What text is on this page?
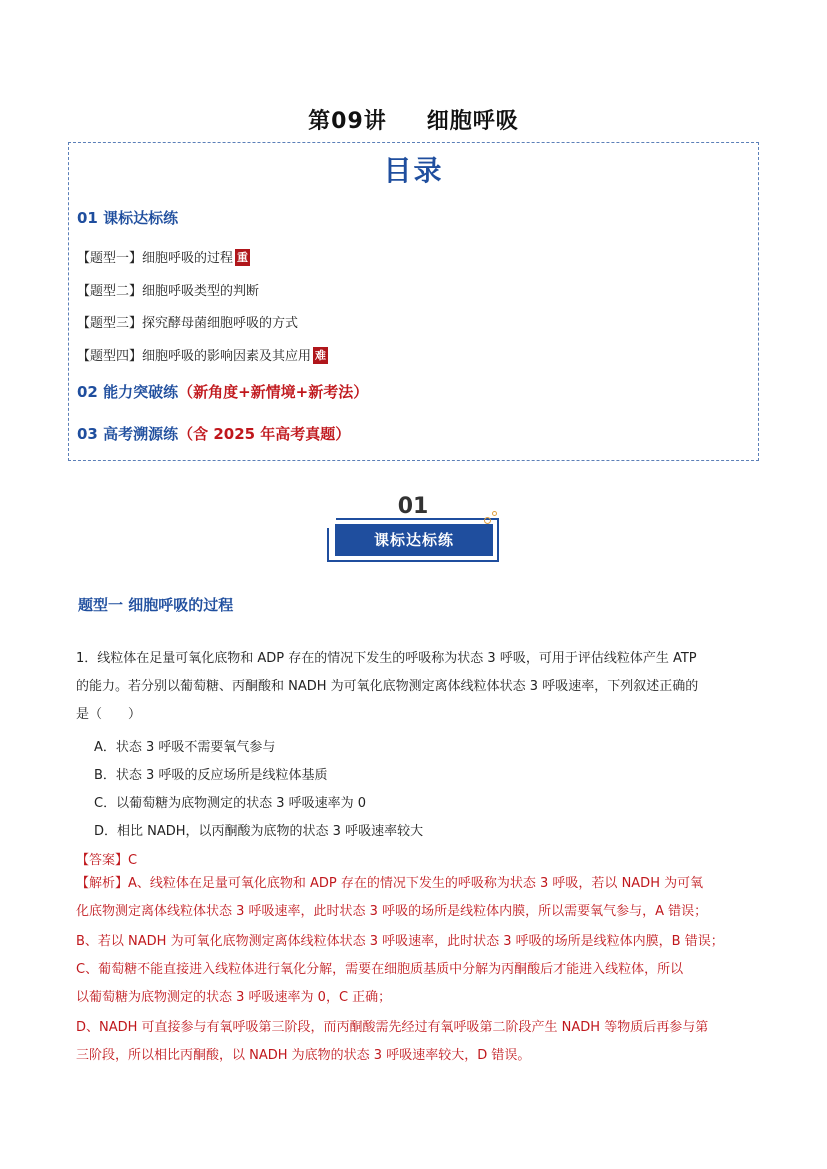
第09讲 细胞呼吸
目录
01 课标达标练
【题型一】细胞呼吸的过程 重
【题型二】细胞呼吸类型的判断
【题型三】探究酵母菌细胞呼吸的方式
【题型四】细胞呼吸的影响因素及其应用 难
02 能力突破练（新角度+新情境+新考法）
03 高考溯源练（含 2025 年高考真题）
01
课标达标练
题型一 细胞呼吸的过程
1．线粒体在足量可氧化底物和 ADP 存在的情况下发生的呼吸称为状态 3 呼吸，可用于评估线粒体产生 ATP
的能力。若分别以葡萄糖、丙酮酸和 NADH 为可氧化底物测定离体线粒体状态 3 呼吸速率，下列叙述正确的
是（　　）
A．状态 3 呼吸不需要氧气参与
B．状态 3 呼吸的反应场所是线粒体基质
C．以葡萄糖为底物测定的状态 3 呼吸速率为 0
D．相比 NADH，以丙酮酸为底物的状态 3 呼吸速率较大
【答案】C
【解析】A、线粒体在足量可氧化底物和 ADP 存在的情况下发生的呼吸称为状态 3 呼吸，若以 NADH 为可氧
化底物测定离体线粒体状态 3 呼吸速率，此时状态 3 呼吸的场所是线粒体内膜，所以需要氧气参与，A 错误；
B、若以 NADH 为可氧化底物测定离体线粒体状态 3 呼吸速率，此时状态 3 呼吸的场所是线粒体内膜，B 错误；
C、葡萄糖不能直接进入线粒体进行氧化分解，需要在细胞质基质中分解为丙酮酸后才能进入线粒体，所以
以葡萄糖为底物测定的状态 3 呼吸速率为 0，C 正确；
D、NADH 可直接参与有氧呼吸第三阶段，而丙酮酸需先经过有氧呼吸第二阶段产生 NADH 等物质后再参与第
三阶段，所以相比丙酮酸，以 NADH 为底物的状态 3 呼吸速率较大，D 错误。
